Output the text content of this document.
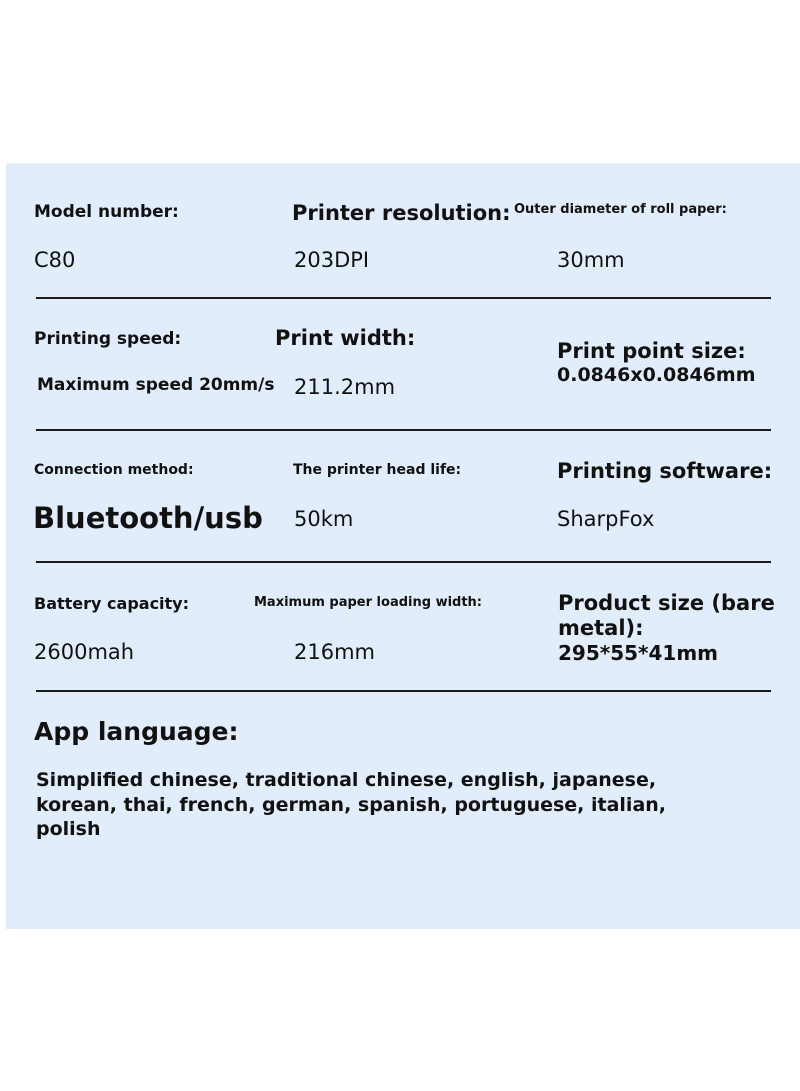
Model number:
C80
Printer resolution:
203DPI
Outer diameter of roll paper:
30mm
Printing speed:
Maximum speed 20mm/s
Print width:
211.2mm
Print point size:
0.0846x0.0846mm
Connection method:
Bluetooth/usb
The printer head life:
50km
Printing software:
SharpFox
Battery capacity:
2600mah
Maximum paper loading width:
216mm
Product size (bare
metal):
295*55*41mm
App language:
Simplified chinese, traditional chinese, english, japanese,
korean, thai, french, german, spanish, portuguese, italian,
polish
